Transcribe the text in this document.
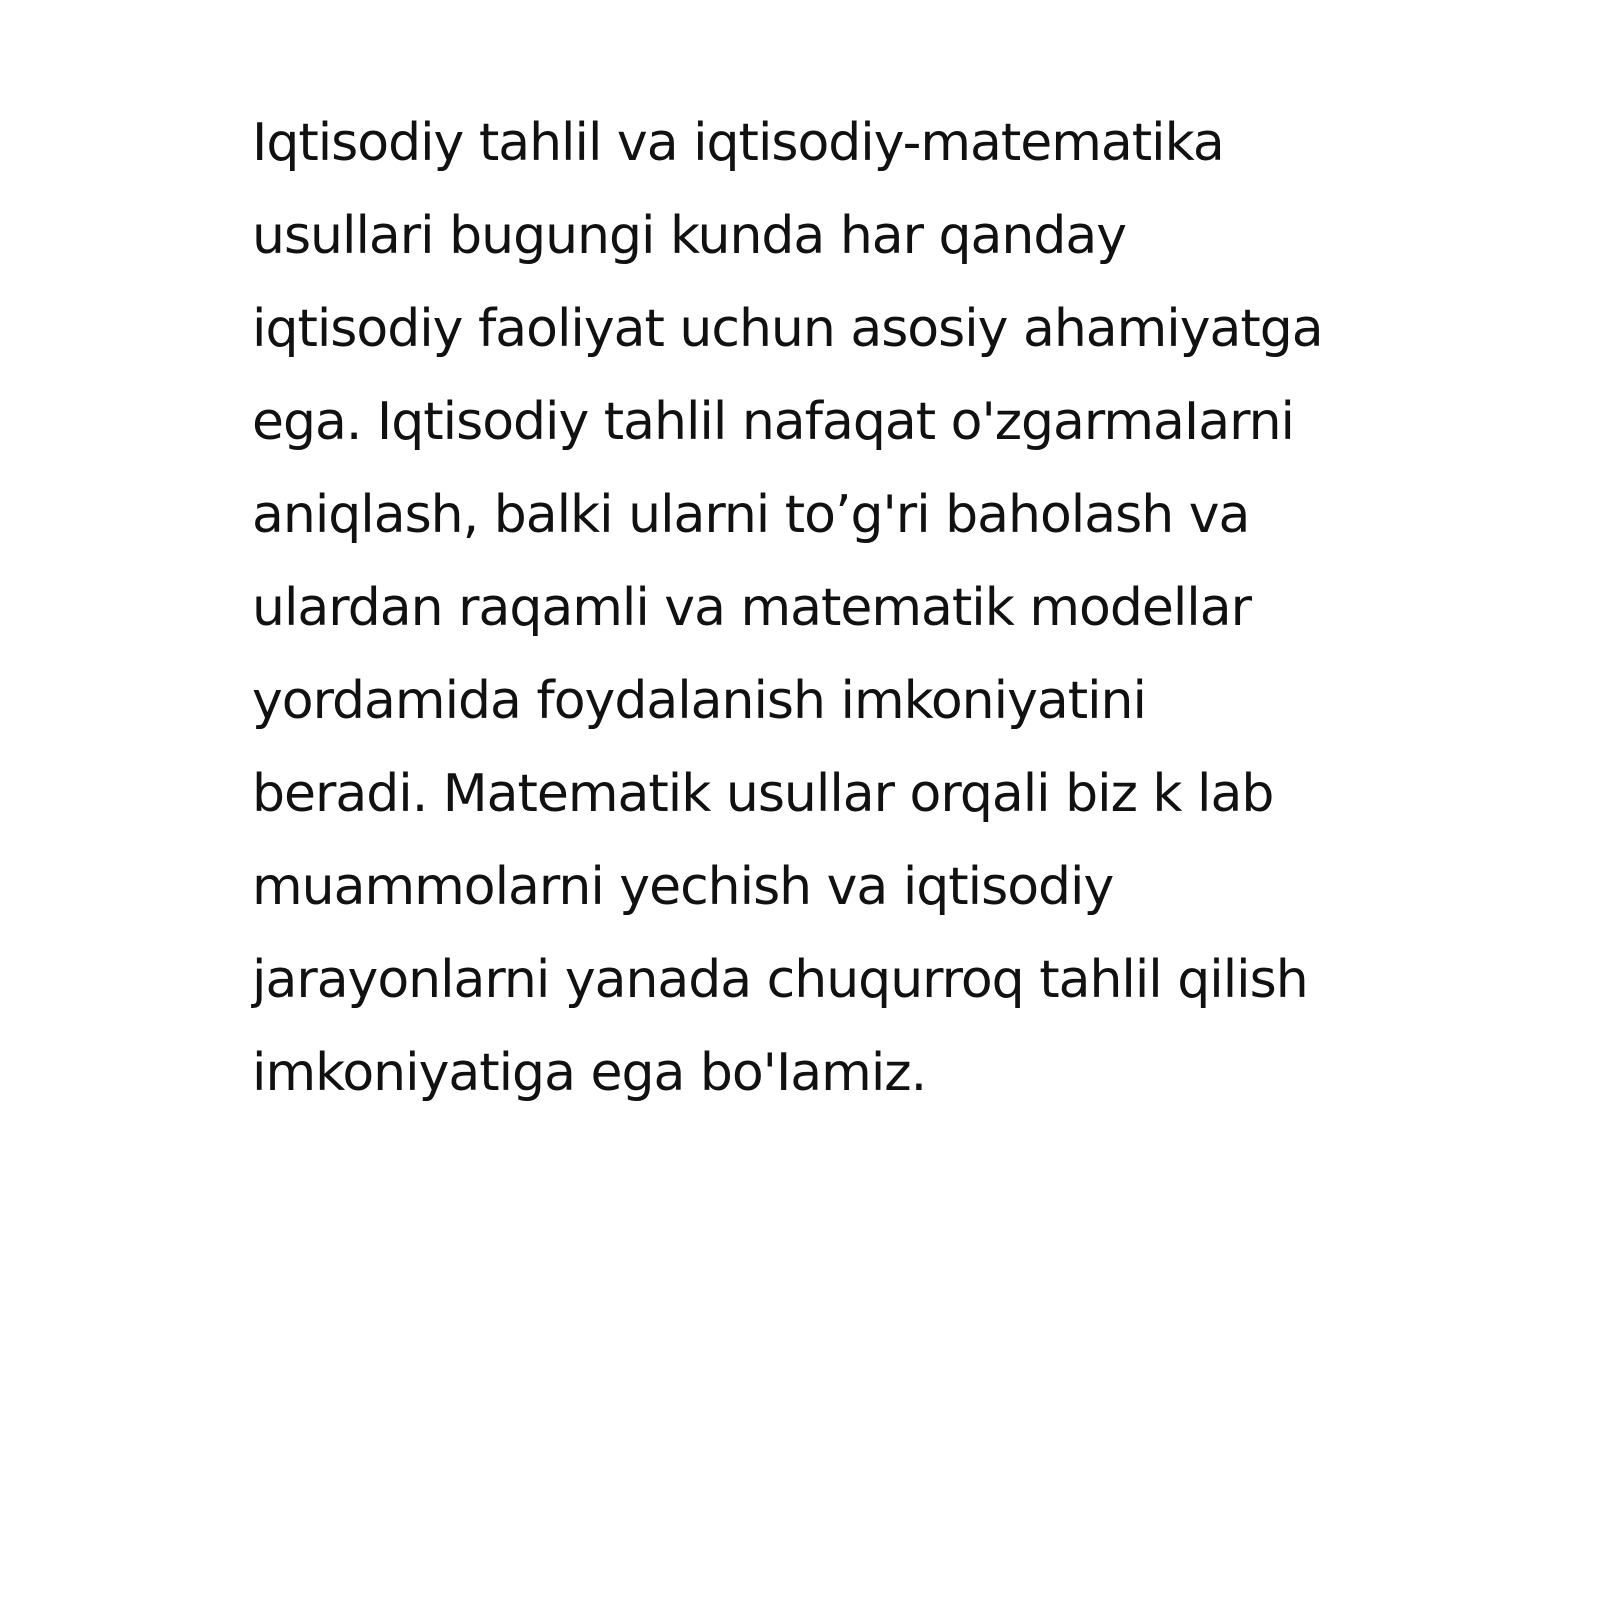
Iqtisodiy tahlil va iqtisodiy-matematika
usullari bugungi kunda har qanday
iqtisodiy faoliyat uchun asosiy ahamiyatga
ega. Iqtisodiy tahlil nafaqat o'zgarmaIarni
aniqlash, balki ularni to’g'ri baholash va
ulardan raqamli va matematik modellar
yordamida foydalanish imkoniyatini
beradi. Matematik usullar orqali biz k lab
muammolarni yechish va iqtisodiy
jarayonlarni yanada chuqurroq tahlil qilish
imkoniyatiga ega bo'Iamiz.
